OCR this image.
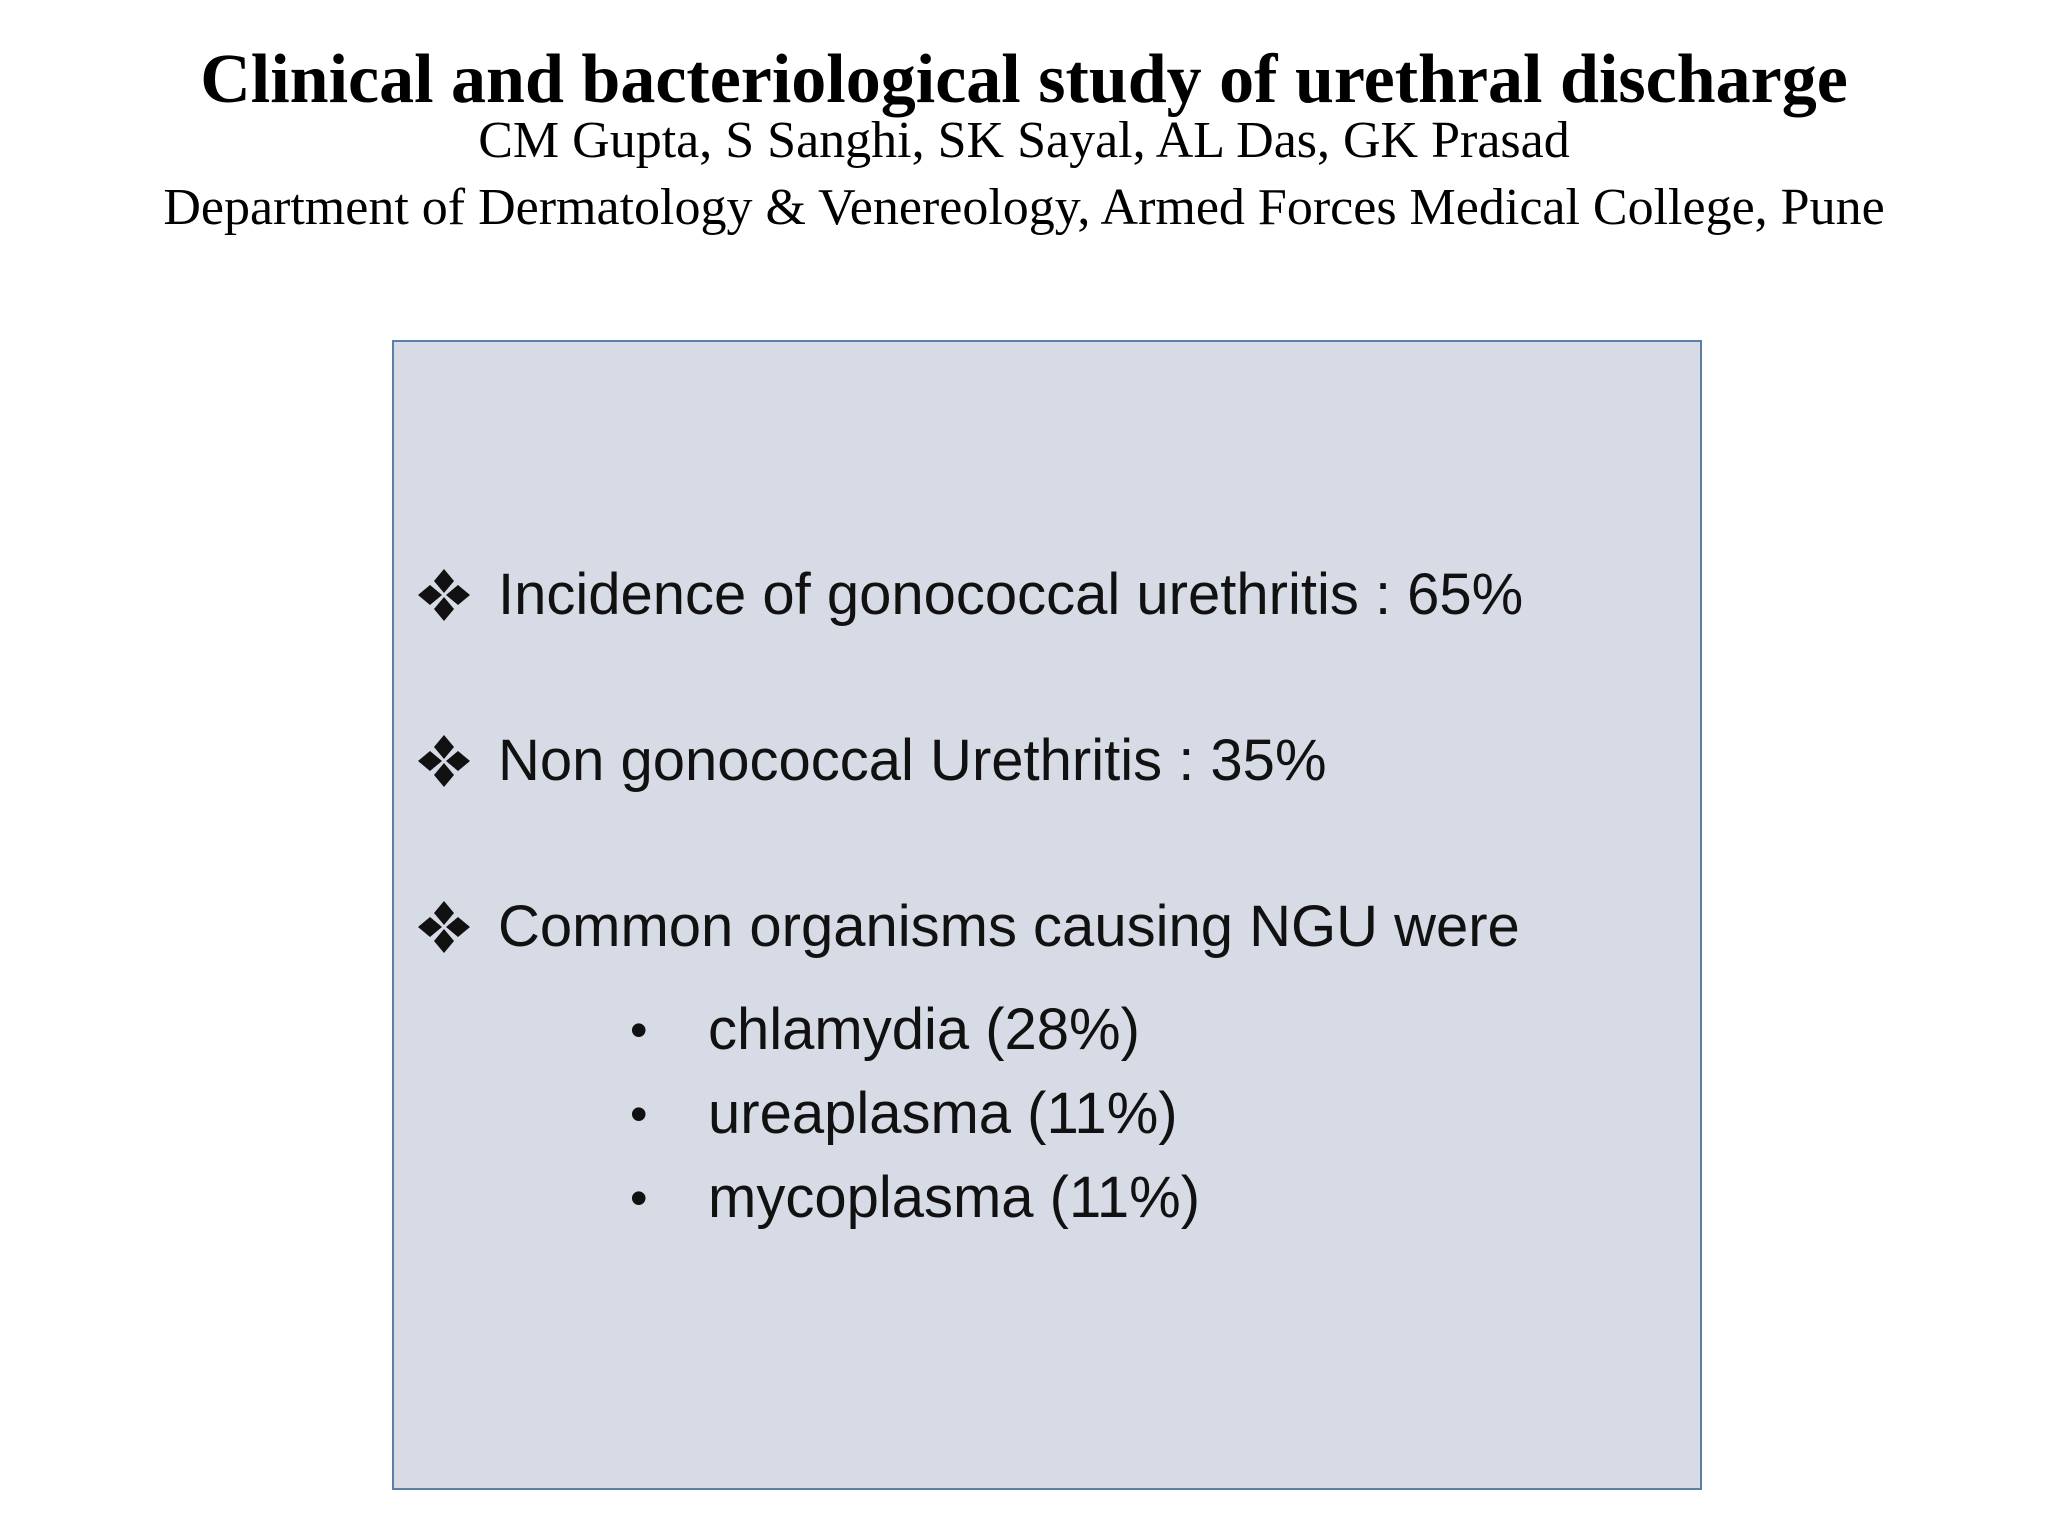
Clinical and bacteriological study of urethral discharge

CM Gupta, S Sanghi, SK Sayal, AL Das, GK Prasad

Department of Dermatology & Venereology, Armed Forces Medical College, Pune

Incidence of gonococcal urethritis : 65%
Non gonococcal Urethritis : 35%
Common organisms causing NGU were
•	chlamydia (28%)
•	ureaplasma (11%)
•	mycoplasma (11%)
